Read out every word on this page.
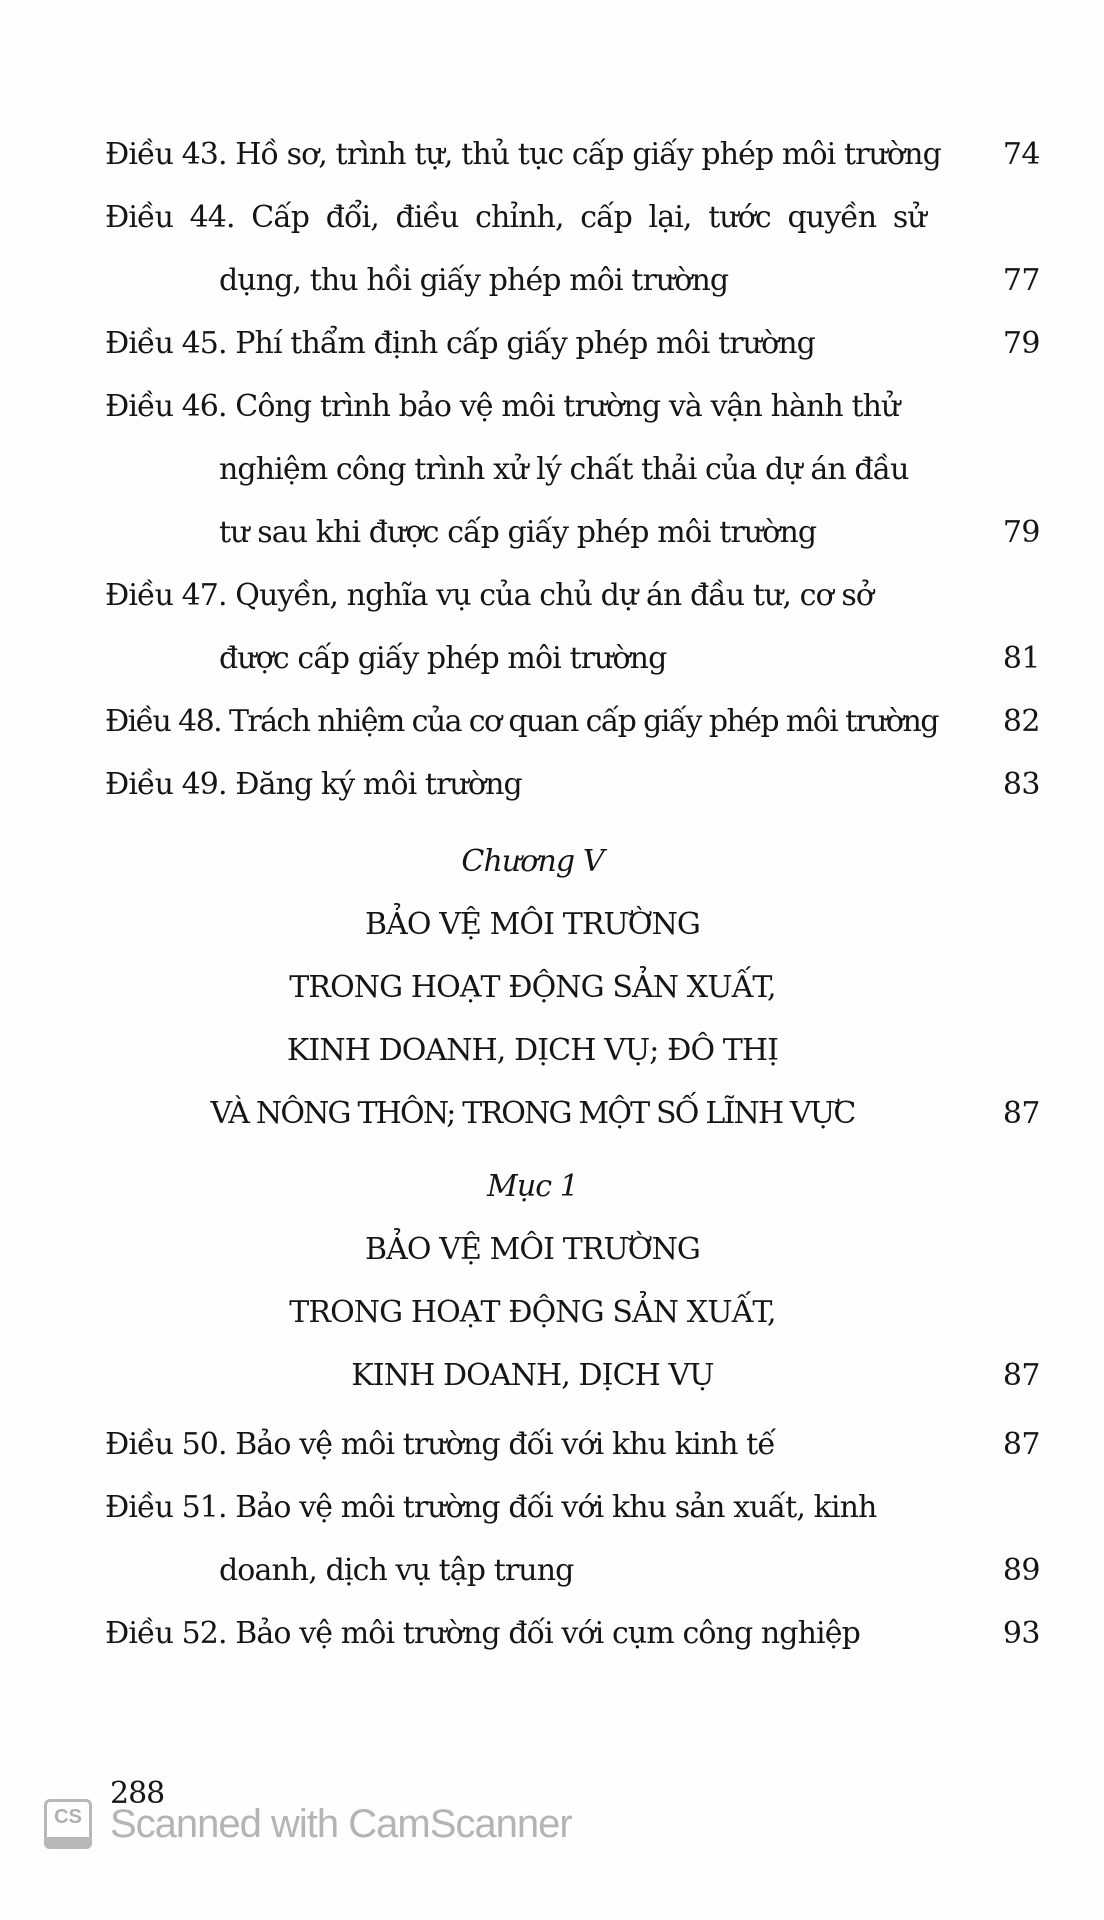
Điều 43. Hồ sơ, trình tự, thủ tục cấp giấy phép môi trường 74
Điều 44. Cấp đổi, điều chỉnh, cấp lại, tước quyền sử
dụng, thu hồi giấy phép môi trường	77
Điều 45. Phí thẩm định cấp giấy phép môi trường	79
Điều 46. Công trình bảo vệ môi trường và vận hành thử
nghiệm công trình xử lý chất thải của dự án đầu
tư sau khi được cấp giấy phép môi trường	79
Điều 47. Quyền, nghĩa vụ của chủ dự án đầu tư, cơ sở
được cấp giấy phép môi trường	81
Điều 48. Trách nhiệm của cơ quan cấp giấy phép môi trường 82
Điều 49. Đăng ký môi trường	83
Chương V
BẢO VỆ MÔI TRƯỜNG
TRONG HOẠT ĐỘNG SẢN XUẤT,
KINH DOANH, DỊCH VỤ; ĐÔ THỊ
VÀ NÔNG THÔN; TRONG MỘT SỐ LĨNH VỰC	87
Mục 1
BẢO VỆ MÔI TRƯỜNG
TRONG HOẠT ĐỘNG SẢN XUẤT,
KINH DOANH, DỊCH VỤ	87
Điều 50. Bảo vệ môi trường đối với khu kinh tế	87
Điều 51. Bảo vệ môi trường đối với khu sản xuất, kinh
doanh, dịch vụ tập trung	89
Điều 52. Bảo vệ môi trường đối với cụm công nghiệp	93
288
CS Scanned with CamScanner
